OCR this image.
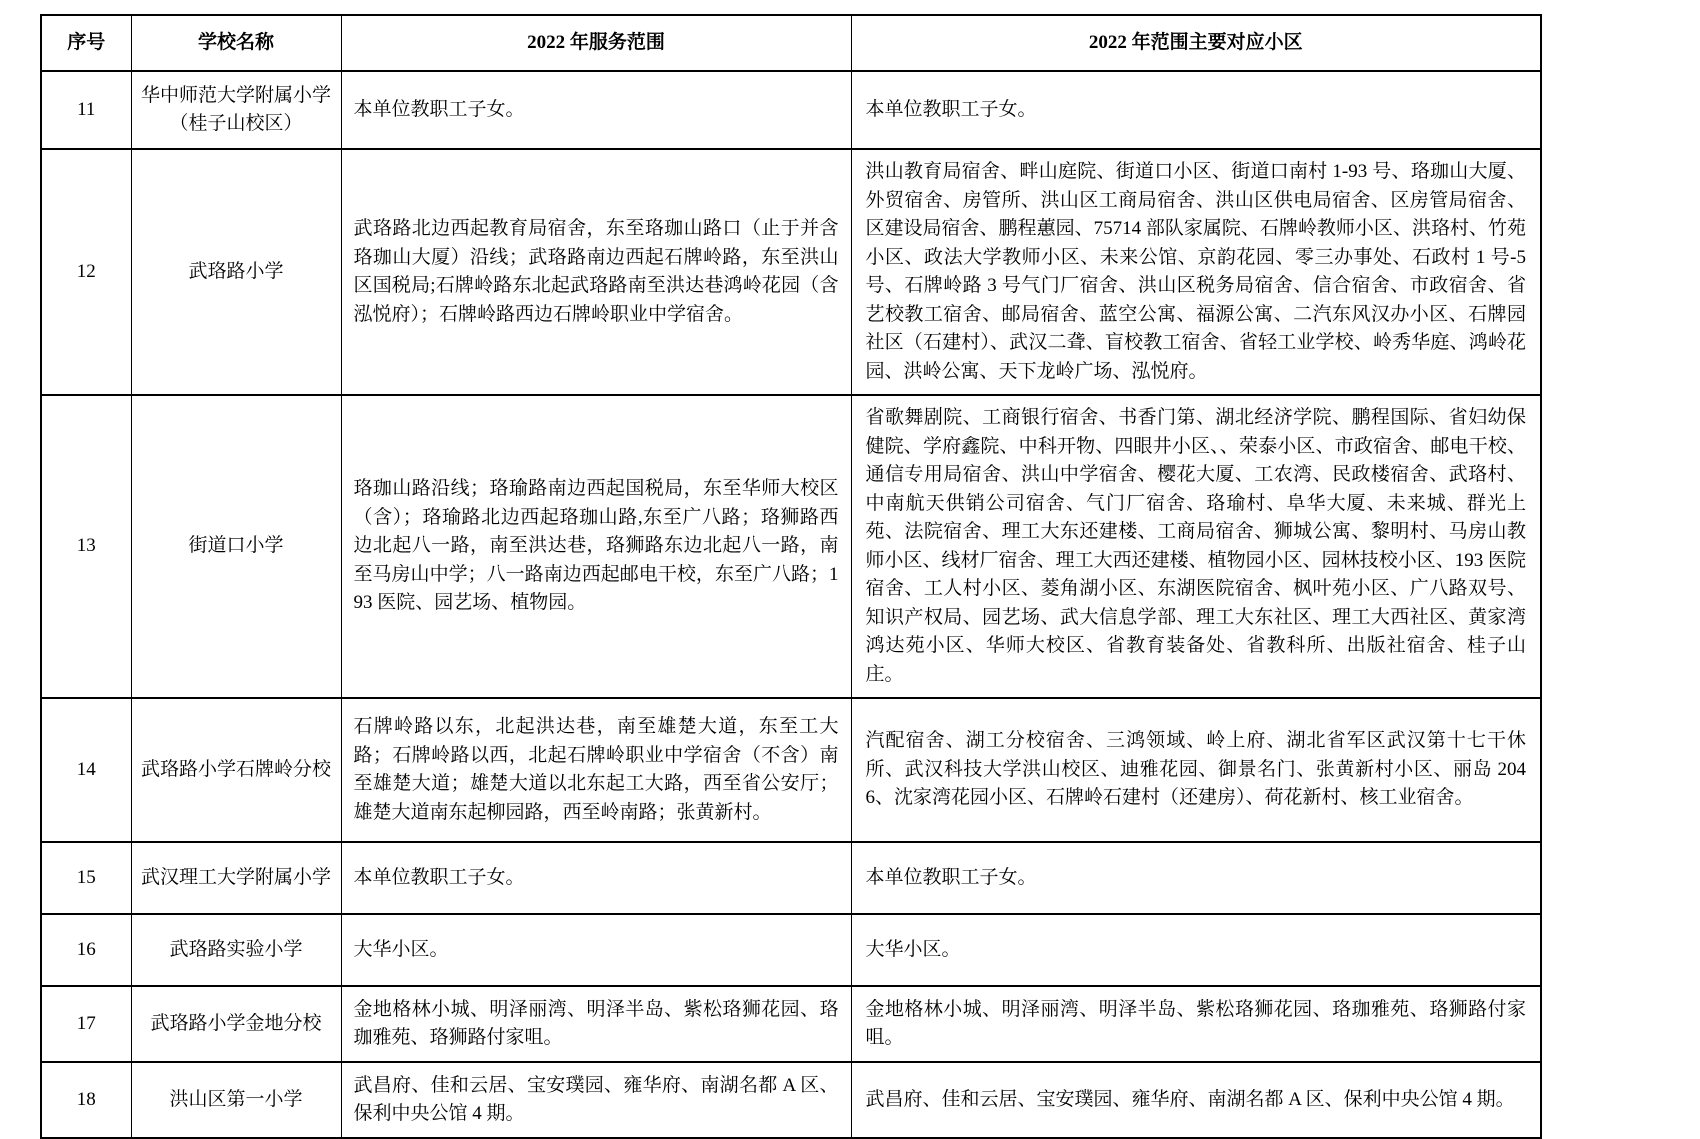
序号	学校名称	2022 年服务范围	2022 年范围主要对应小区
11	华中师范大学附属小学（桂子山校区）	本单位教职工子女。	本单位教职工子女。
12	武珞路小学	武珞路北边西起教育局宿舍，东至珞珈山路口（止于并含珞珈山大厦）沿线；武珞路南边西起石牌岭路，东至洪山区国税局;石牌岭路东北起武珞路南至洪达巷鸿岭花园（含泓悦府）；石牌岭路西边石牌岭职业中学宿舍。	洪山教育局宿舍、畔山庭院、街道口小区、街道口南村 1-93 号、珞珈山大厦、外贸宿舍、房管所、洪山区工商局宿舍、洪山区供电局宿舍、区房管局宿舍、区建设局宿舍、鹏程蕙园、75714 部队家属院、石牌岭教师小区、洪珞村、竹苑小区、政法大学教师小区、未来公馆、京韵花园、零三办事处、石政村 1 号-5 号、石牌岭路 3 号气门厂宿舍、洪山区税务局宿舍、信合宿舍、市政宿舍、省艺校教工宿舍、邮局宿舍、蓝空公寓、福源公寓、二汽东风汉办小区、石牌园社区（石建村）、武汉二聋、盲校教工宿舍、省轻工业学校、岭秀华庭、鸿岭花园、洪岭公寓、天下龙岭广场、泓悦府。
13	街道口小学	珞珈山路沿线；珞瑜路南边西起国税局，东至华师大校区（含）；珞瑜路北边西起珞珈山路,东至广八路；珞狮路西边北起八一路，南至洪达巷，珞狮路东边北起八一路，南至马房山中学；八一路南边西起邮电干校，东至广八路；193 医院、园艺场、植物园。	省歌舞剧院、工商银行宿舍、书香门第、湖北经济学院、鹏程国际、省妇幼保健院、学府鑫院、中科开物、四眼井小区、、荣泰小区、市政宿舍、邮电干校、通信专用局宿舍、洪山中学宿舍、樱花大厦、工农湾、民政楼宿舍、武珞村、中南航天供销公司宿舍、气门厂宿舍、珞瑜村、阜华大厦、未来城、群光上苑、法院宿舍、理工大东还建楼、工商局宿舍、狮城公寓、黎明村、马房山教师小区、线材厂宿舍、理工大西还建楼、植物园小区、园林技校小区、193 医院宿舍、工人村小区、菱角湖小区、东湖医院宿舍、枫叶苑小区、广八路双号、知识产权局、园艺场、武大信息学部、理工大东社区、理工大西社区、黄家湾鸿达苑小区、华师大校区、省教育装备处、省教科所、出版社宿舍、桂子山庄。
14	武珞路小学石牌岭分校	石牌岭路以东，北起洪达巷，南至雄楚大道，东至工大路；石牌岭路以西，北起石牌岭职业中学宿舍（不含）南至雄楚大道；雄楚大道以北东起工大路，西至省公安厅；雄楚大道南东起柳园路，西至岭南路；张黄新村。	汽配宿舍、湖工分校宿舍、三鸿领域、岭上府、湖北省军区武汉第十七干休所、武汉科技大学洪山校区、迪雅花园、御景名门、张黄新村小区、丽岛 2046、沈家湾花园小区、石牌岭石建村（还建房）、荷花新村、核工业宿舍。
15	武汉理工大学附属小学	本单位教职工子女。	本单位教职工子女。
16	武珞路实验小学	大华小区。	大华小区。
17	武珞路小学金地分校	金地格林小城、明泽丽湾、明泽半岛、紫松珞狮花园、珞珈雅苑、珞狮路付家咀。	金地格林小城、明泽丽湾、明泽半岛、紫松珞狮花园、珞珈雅苑、珞狮路付家咀。
18	洪山区第一小学	武昌府、佳和云居、宝安璞园、雍华府、南湖名都 A 区、保利中央公馆 4 期。	武昌府、佳和云居、宝安璞园、雍华府、南湖名都 A 区、保利中央公馆 4 期。
